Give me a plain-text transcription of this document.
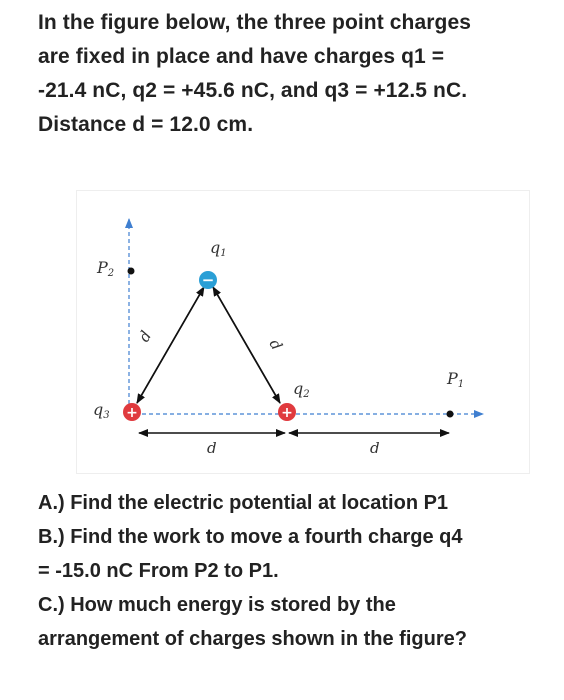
In the figure below, the three point charges
are fixed in place and have charges q1 =
-21.4 nC, q2 = +45.6 nC, and q3 = +12.5 nC.
Distance d = 12.0 cm.
−
+	+
q1
q2
q3
P1
P2
d	d
d	d
A.) Find the electric potential at location P1
B.) Find the work to move a fourth charge q4
= -15.0 nC From P2 to P1.
C.) How much energy is stored by the
arrangement of charges shown in the figure?
